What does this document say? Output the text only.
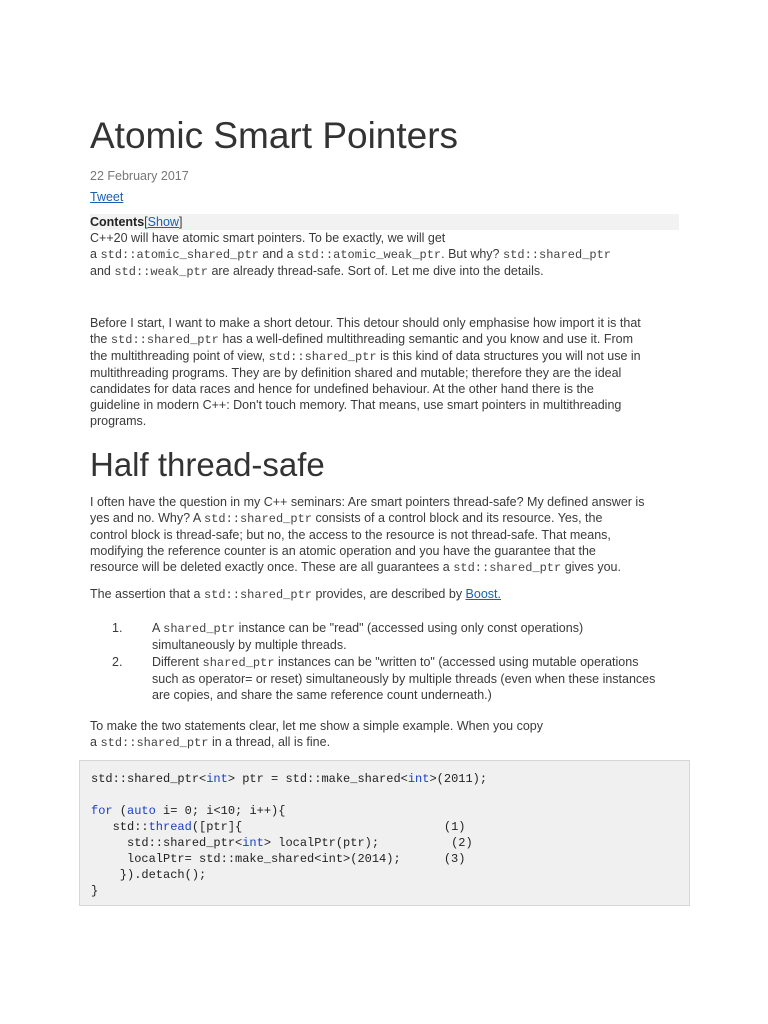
Atomic Smart Pointers
22 February 2017
Tweet
Contents[Show]

C++20 will have atomic smart pointers. To be exactly, we will get

a std::atomic_shared_ptr and a std::atomic_weak_ptr. But why? std::shared_ptr

and std::weak_ptr are already thread-safe. Sort of. Let me dive into the details.

Before I start, I want to make a short detour. This detour should only emphasise how import it is that

the std::shared_ptr has a well-defined multithreading semantic and you know and use it. From

the multithreading point of view, std::shared_ptr is this kind of data structures you will not use in

multithreading programs. They are by definition shared and mutable; therefore they are the ideal

candidates for data races and hence for undefined behaviour. At the other hand there is the

guideline in modern C++: Don't touch memory. That means, use smart pointers in multithreading

programs.

Half thread-safe

I often have the question in my C++ seminars: Are smart pointers thread-safe? My defined answer is

yes and no. Why? A std::shared_ptr consists of a control block and its resource. Yes, the

control block is thread-safe; but no, the access to the resource is not thread-safe. That means,

modifying the reference counter is an atomic operation and you have the guarantee that the

resource will be deleted exactly once. These are all guarantees a std::shared_ptr gives you.

The assertion that a std::shared_ptr provides, are described by Boost.

1. A shared_ptr instance can be "read" (accessed using only const operations)

simultaneously by multiple threads.

2. Different shared_ptr instances can be "written to" (accessed using mutable operations

such as operator= or reset) simultaneously by multiple threads (even when these instances

are copies, and share the same reference count underneath.)

To make the two statements clear, let me show a simple example. When you copy

a std::shared_ptr in a thread, all is fine.

std::shared_ptr<int> ptr = std::make_shared<int>(2011);

for (auto i= 0; i<10; i++){
std::thread([ptr]{                            (1)
std::shared_ptr<int> localPtr(ptr);          (2)
localPtr= std::make_shared<int>(2014);      (3)
}).detach();
}
